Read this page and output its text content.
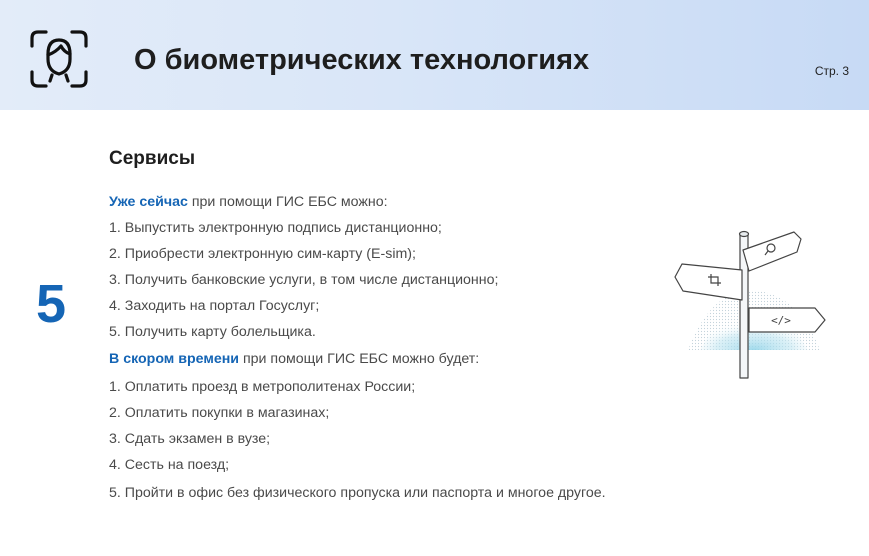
О биометрических технологиях	Стр. 3
5
Сервисы
Уже сейчас при помощи ГИС ЕБС можно:
1. Выпустить электронную подпись дистанционно;
2. Приобрести электронную сим-карту (E-sim);
3. Получить банковские услуги, в том числе дистанционно;
4. Заходить на портал Госуслуг;
5. Получить карту болельщика.
В скором времени при помощи ГИС ЕБС можно будет:
1. Оплатить проезд в метрополитенах России;
2. Оплатить покупки в магазинах;
3. Сдать экзамен в вузе;
4. Сесть на поезд;
5. Пройти в офис без физического пропуска или паспорта и многое другое.
</>
